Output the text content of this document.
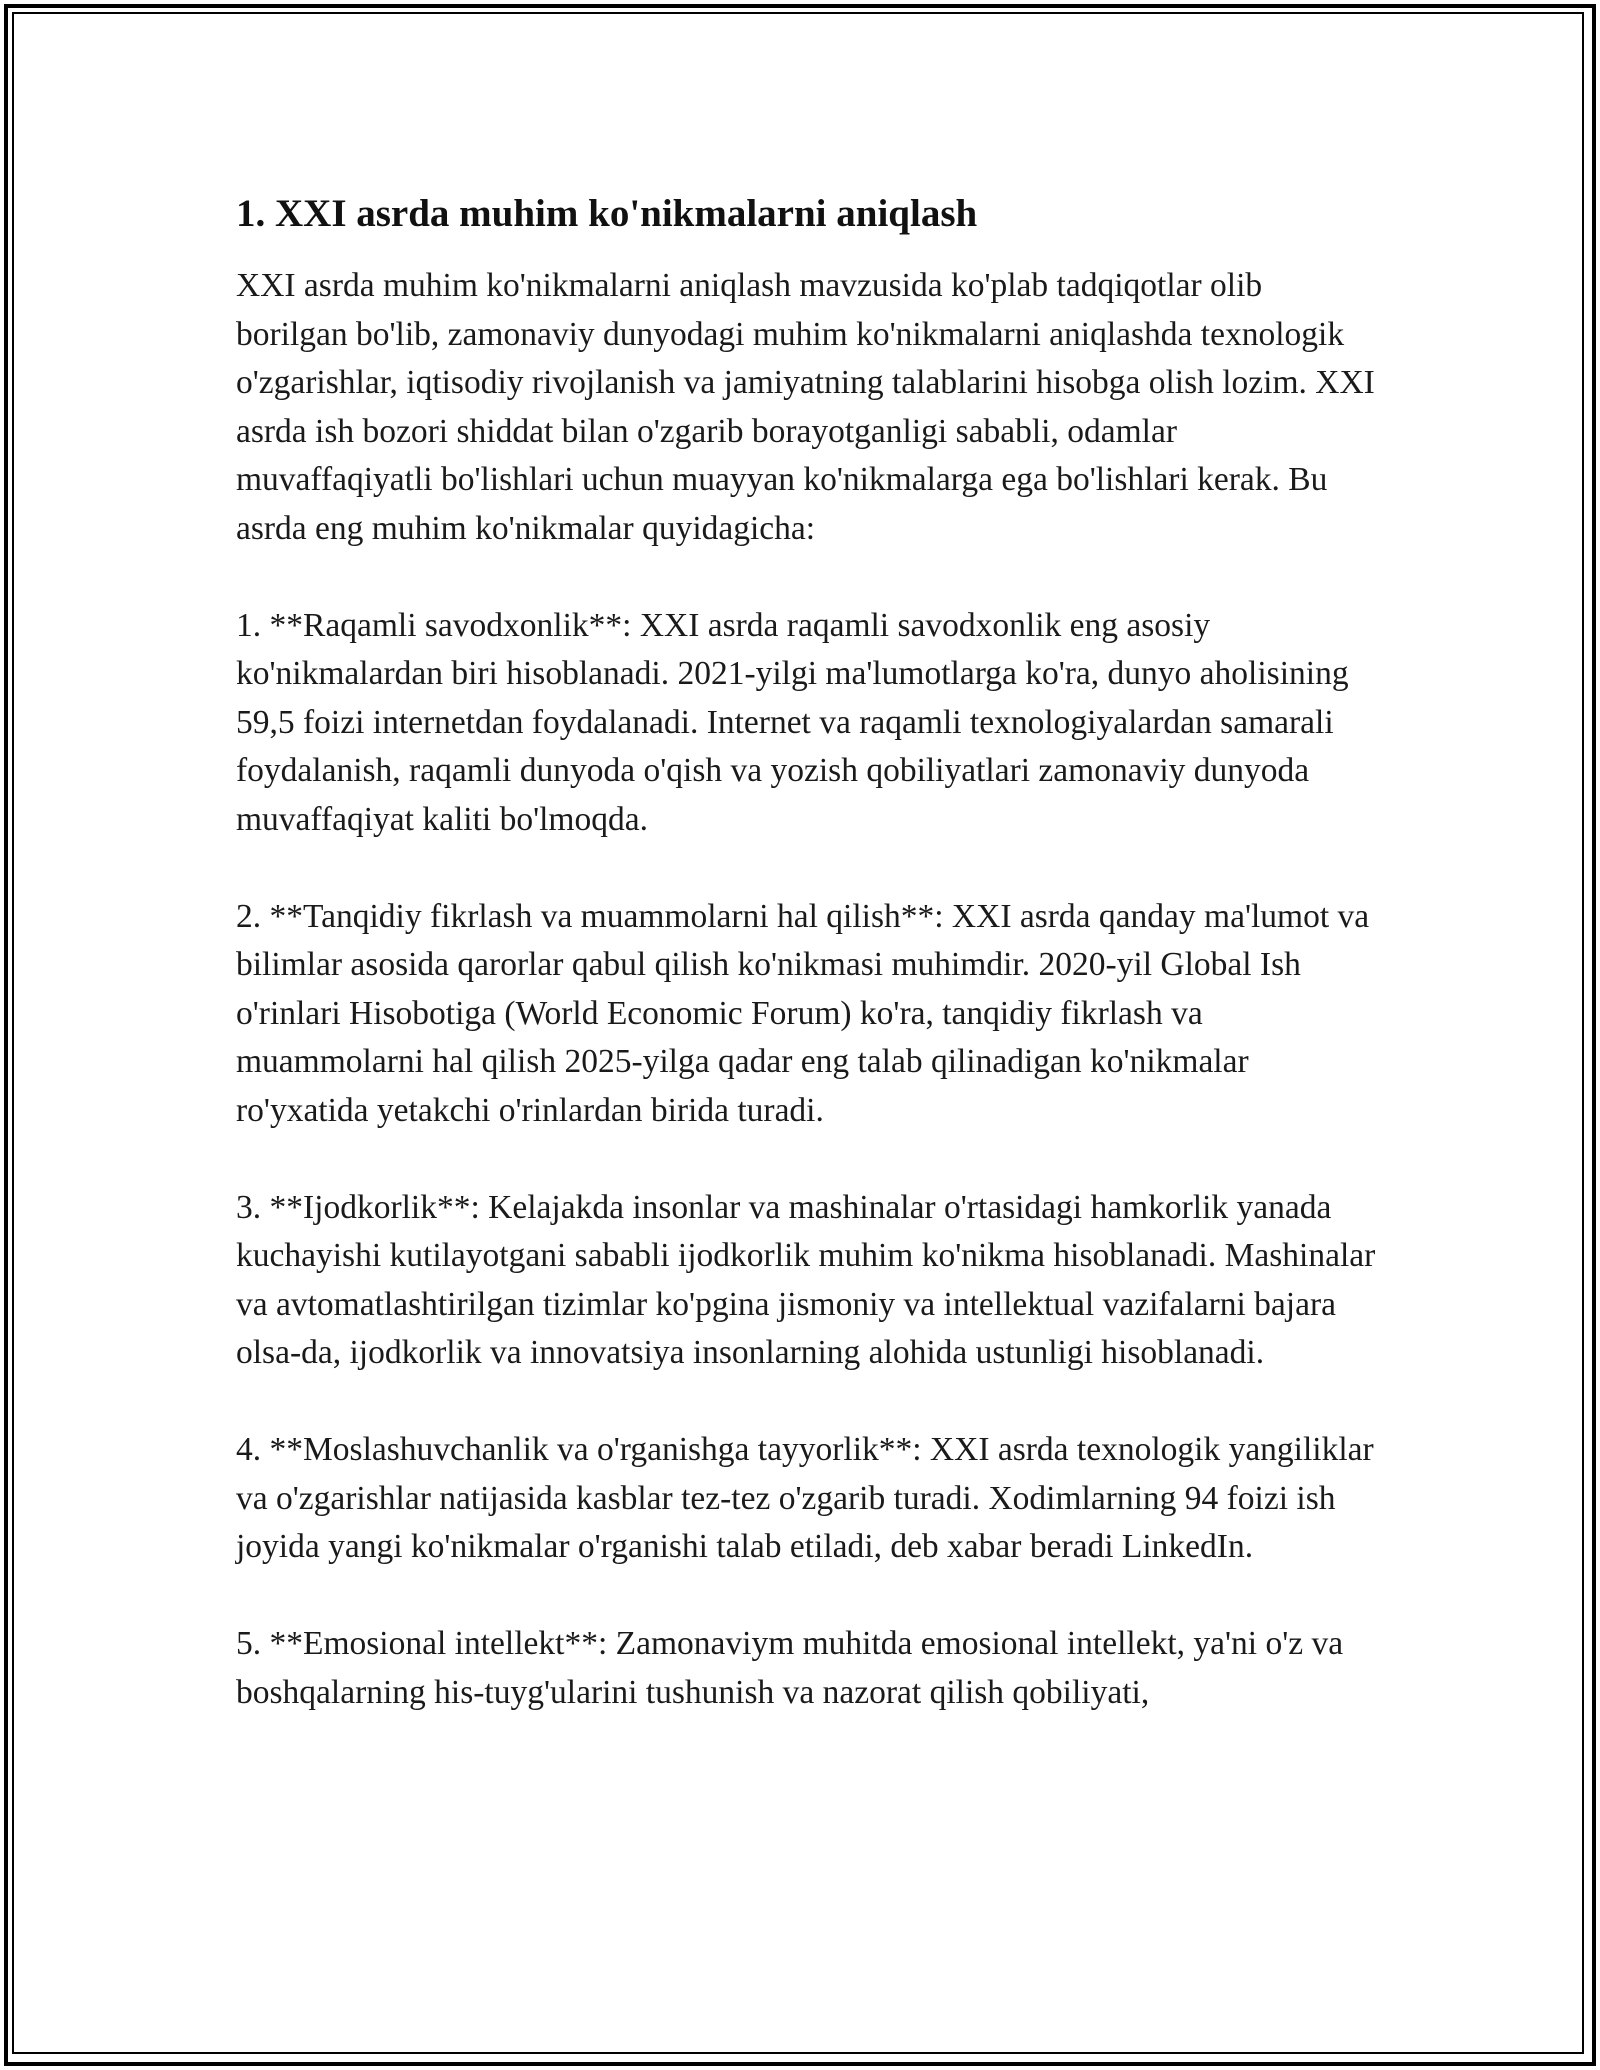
1. XXI asrda muhim ko'nikmalarni aniqlash

XXI asrda muhim ko'nikmalarni aniqlash mavzusida ko'plab tadqiqotlar olib borilgan bo'lib, zamonaviy dunyodagi muhim ko'nikmalarni aniqlashda texnologik o'zgarishlar, iqtisodiy rivojlanish va jamiyatning talablarini hisobga olish lozim. XXI asrda ish bozori shiddat bilan o'zgarib borayotganligi sababli, odamlar muvaffaqiyatli bo'lishlari uchun muayyan ko'nikmalarga ega bo'lishlari kerak. Bu asrda eng muhim ko'nikmalar quyidagicha:

1. **Raqamli savodxonlik**: XXI asrda raqamli savodxonlik eng asosiy ko'nikmalardan biri hisoblanadi. 2021-yilgi ma'lumotlarga ko'ra, dunyo aholisining 59,5 foizi internetdan foydalanadi. Internet va raqamli texnologiyalardan samarali foydalanish, raqamli dunyoda o'qish va yozish qobiliyatlari zamonaviy dunyoda muvaffaqiyat kaliti bo'lmoqda.

2. **Tanqidiy fikrlash va muammolarni hal qilish**: XXI asrda qanday ma'lumot va bilimlar asosida qarorlar qabul qilish ko'nikmasi muhimdir. 2020-yil Global Ish o'rinlari Hisobotiga (World Economic Forum) ko'ra, tanqidiy fikrlash va muammolarni hal qilish 2025-yilga qadar eng talab qilinadigan ko'nikmalar ro'yxatida yetakchi o'rinlardan birida turadi.

3. **Ijodkorlik**: Kelajakda insonlar va mashinalar o'rtasidagi hamkorlik yanada kuchayishi kutilayotgani sababli ijodkorlik muhim ko'nikma hisoblanadi. Mashinalar va avtomatlashtirilgan tizimlar ko'pgina jismoniy va intellektual vazifalarni bajara olsa-da, ijodkorlik va innovatsiya insonlarning alohida ustunligi hisoblanadi.

4. **Moslashuvchanlik va o'rganishga tayyorlik**: XXI asrda texnologik yangiliklar va o'zgarishlar natijasida kasblar tez-tez o'zgarib turadi. Xodimlarning 94 foizi ish joyida yangi ko'nikmalar o'rganishi talab etiladi, deb xabar beradi LinkedIn.

5. **Emosional intellekt**: Zamonaviym muhitda emosional intellekt, ya'ni o'z va boshqalarning his-tuyg'ularini tushunish va nazorat qilish qobiliyati,
